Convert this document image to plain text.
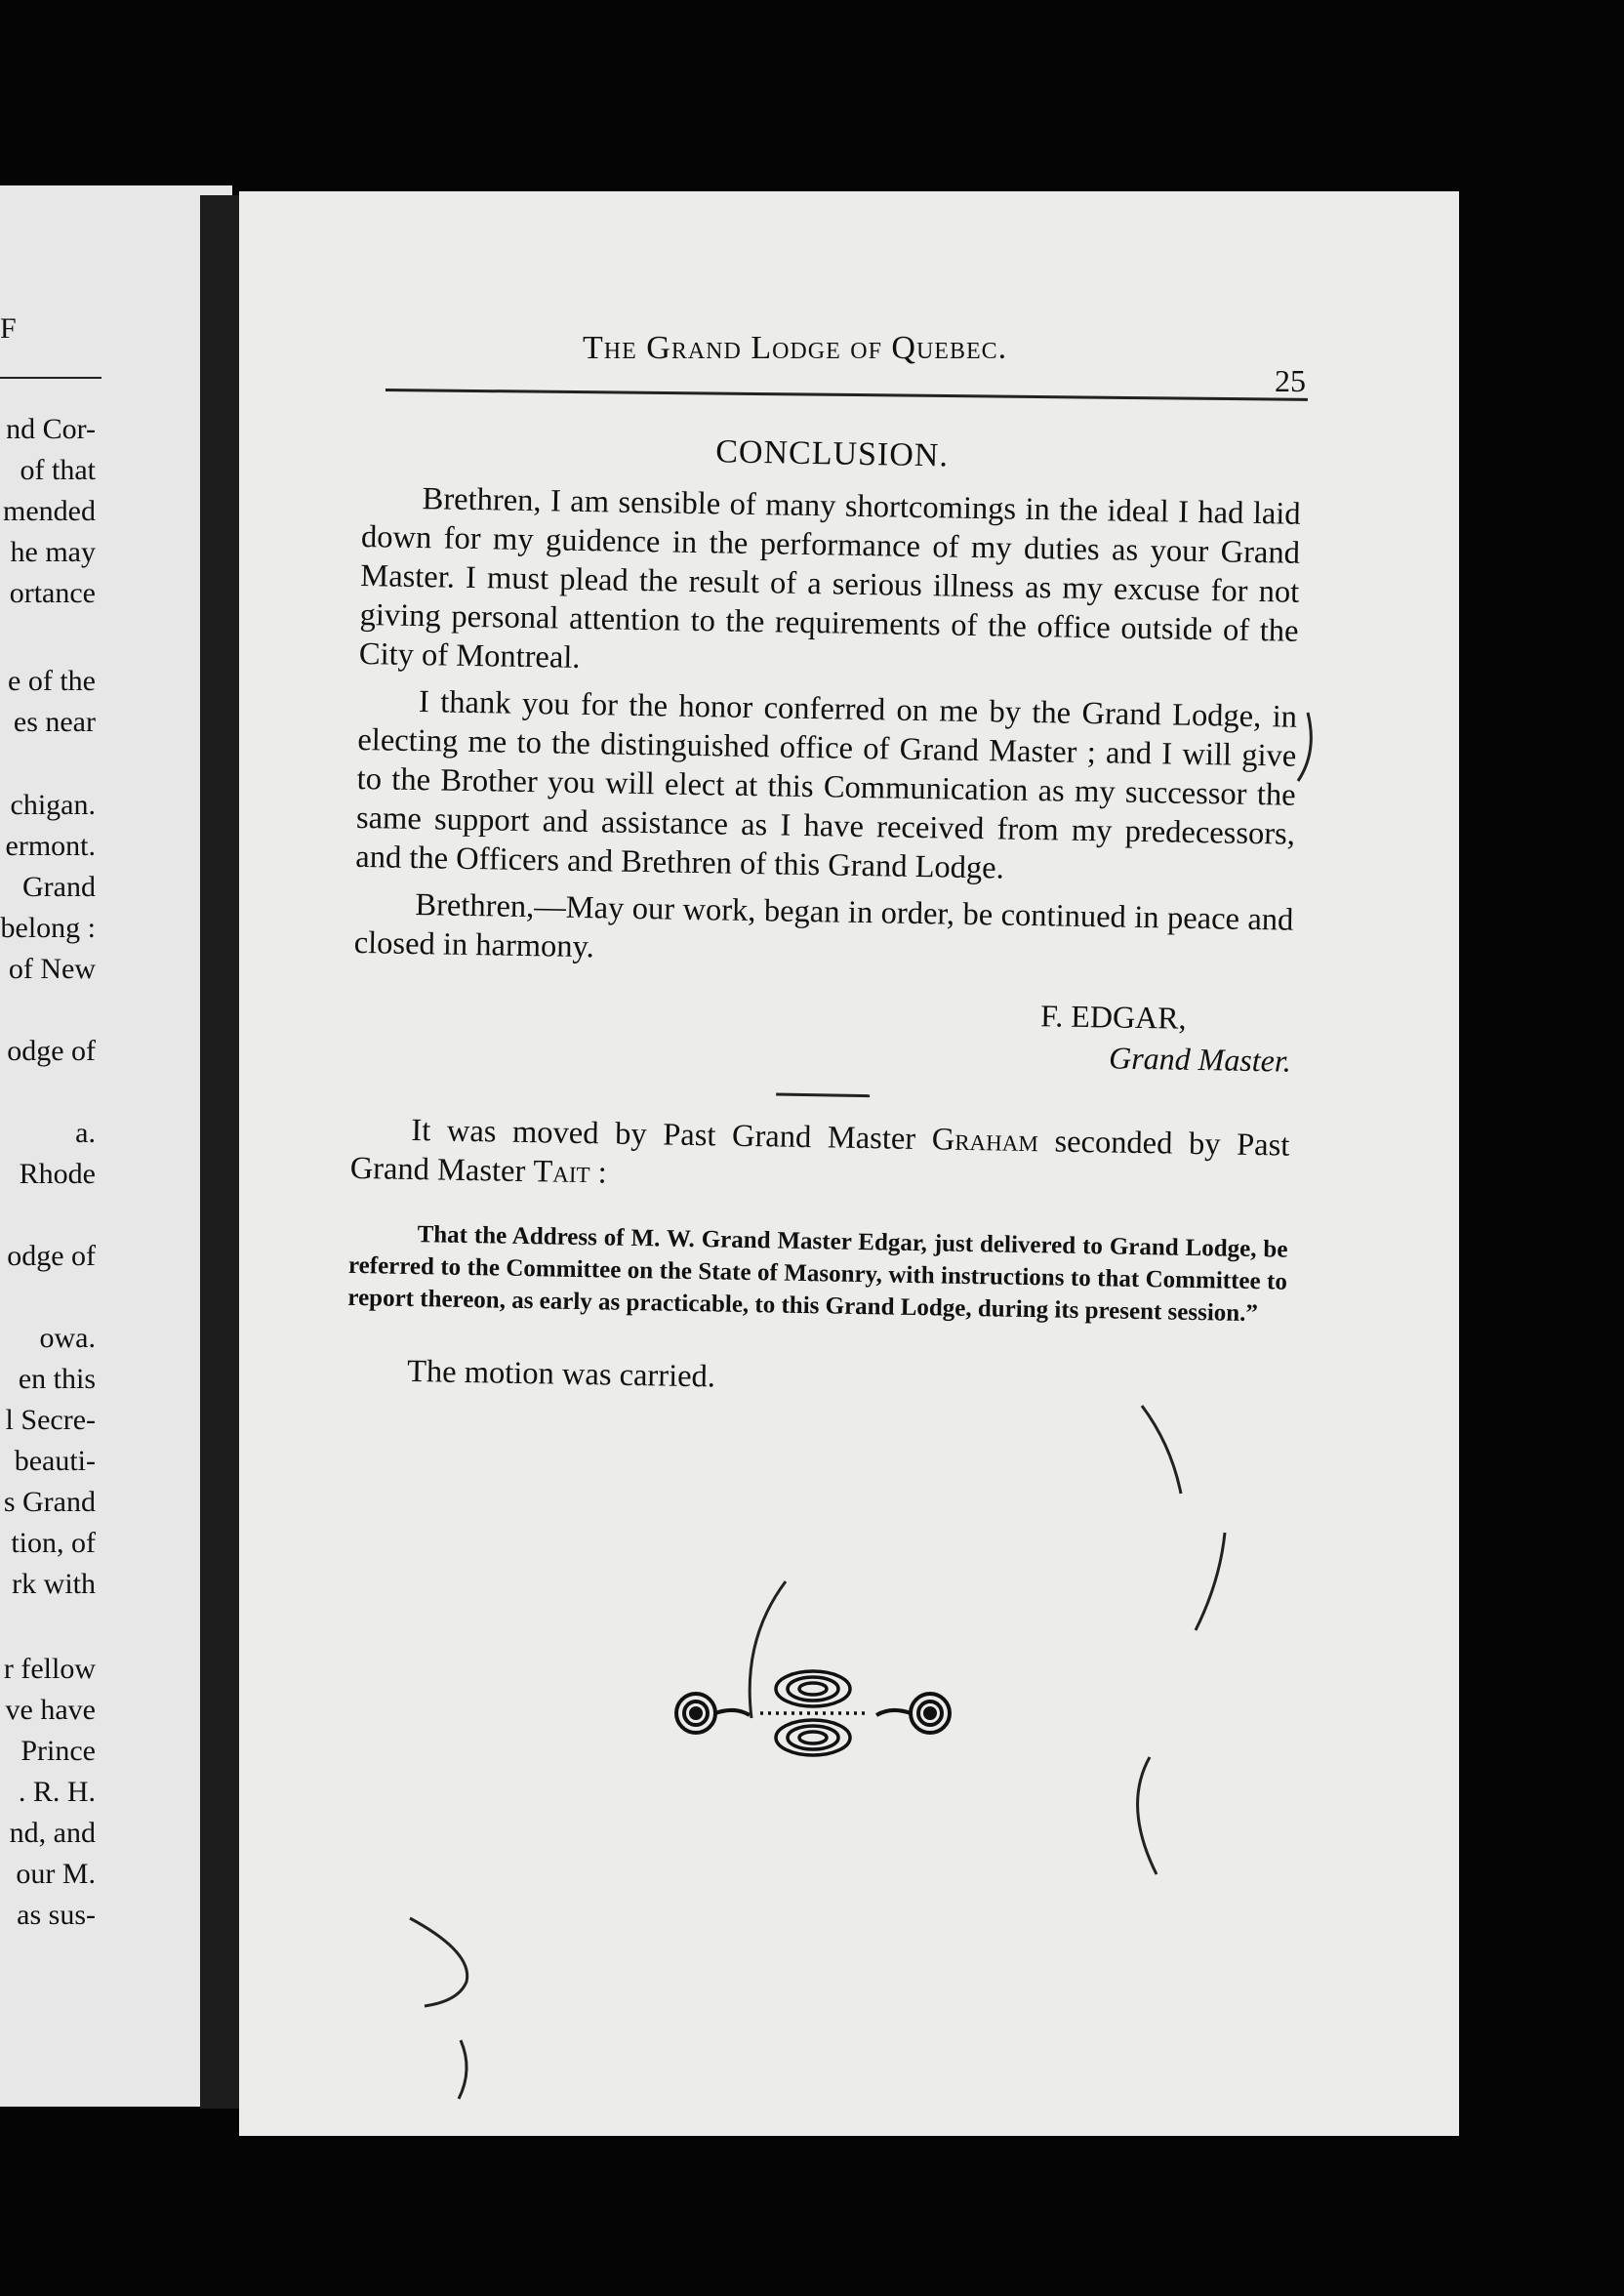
F
nd Cor-
of that
mended
he may
ortance
e of the
es near
chigan.
ermont.
Grand
belong :
of New
odge of
a.
Rhode
odge of
owa.
en this
l Secre-
beauti-
s Grand
tion, of
rk with
r fellow
ve have
Prince
. R. H.
nd, and
our M.
as sus-
The Grand Lodge of Quebec.
25
CONCLUSION.

Brethren, I am sensible of many shortcomings in the ideal I had laid down for my guidence in the performance of my duties as your Grand Master. I must plead the result of a serious illness as my excuse for not giving personal attention to the requirements of the office outside of the City of Montreal.

I thank you for the honor conferred on me by the Grand Lodge, in electing me to the distinguished office of Grand Master ; and I will give to the Brother you will elect at this Communication as my successor the same support and assistance as I have received from my predecessors, and the Officers and Brethren of this Grand Lodge.

Brethren,—May our work, began in order, be continued in peace and closed in harmony.

F. EDGAR,
Grand Master.

It was moved by Past Grand Master Graham seconded by Past Grand Master Tait :

That the Address of M. W. Grand Master Edgar, just delivered to Grand Lodge, be referred to the Committee on the State of Masonry, with instructions to that Committee to report thereon, as early as practicable, to this Grand Lodge, during its present session.”

The motion was carried.
